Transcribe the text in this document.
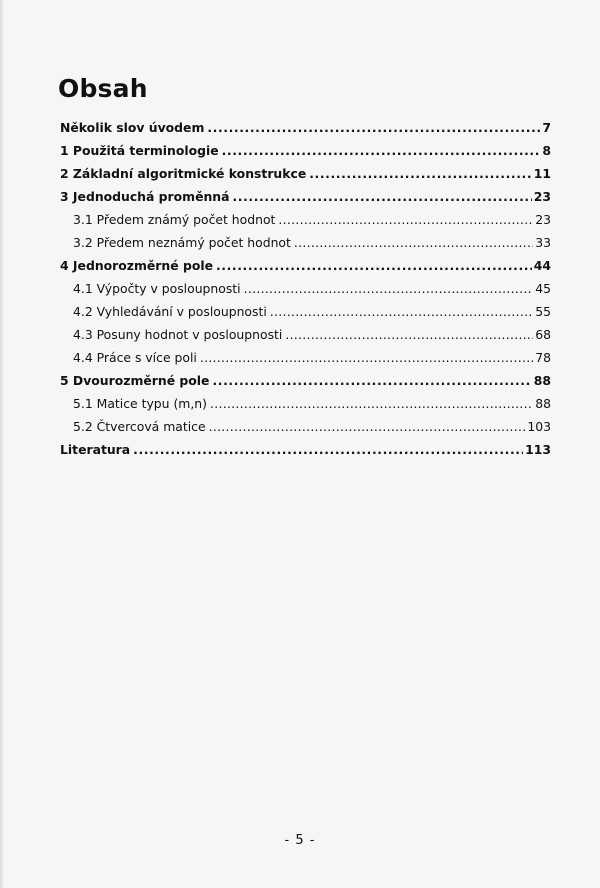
Obsah
Několik slov úvodem .....	7
1 Použitá terminologie .....	8
2 Základní algoritmické konstrukce .....	11
3 Jednoduchá proměnná .....	23
3.1 Předem známý počet hodnot .....	23
3.2 Předem neznámý počet hodnot .....	33
4 Jednorozměrné pole .....	44
4.1 Výpočty v posloupnosti .....	45
4.2 Vyhledávání v posloupnosti .....	55
4.3 Posuny hodnot v posloupnosti .....	68
4.4 Práce s více poli .....	78
5 Dvourozměrné pole .....	88
5.1 Matice typu (m,n) .....	88
5.2 Čtvercová matice .....	103
Literatura .....	113
- 5 -
